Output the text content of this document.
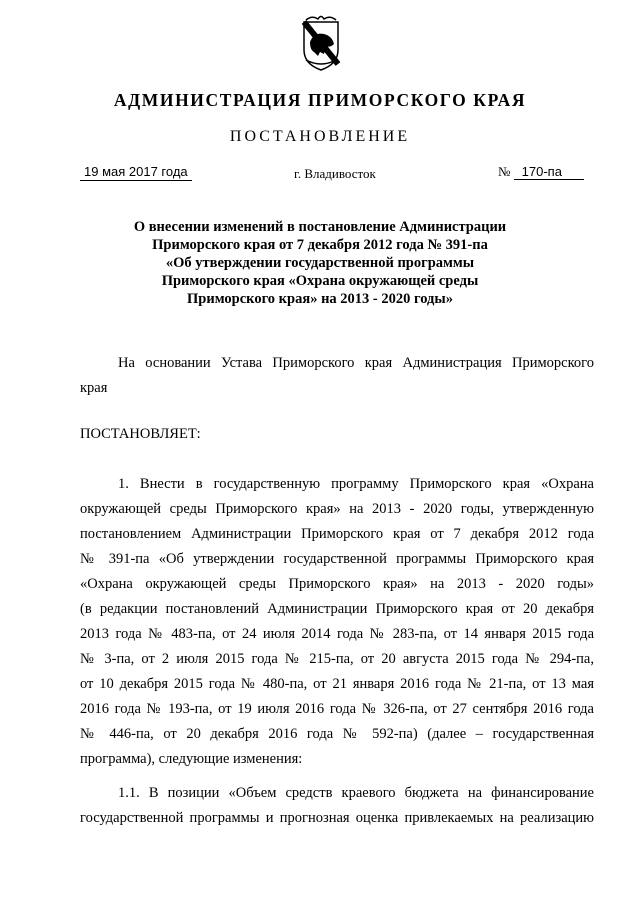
АДМИНИСТРАЦИЯ ПРИМОРСКОГО КРАЯ
ПОСТАНОВЛЕНИЕ
19 мая 2017 года	г. Владивосток	№ 170-па
О внесении изменений в постановление Администрации
Приморского края от 7 декабря 2012 года № 391-па
«Об утверждении государственной программы
Приморского края «Охрана окружающей среды
Приморского края» на 2013 - 2020 годы»
На основании Устава Приморского края Администрация Приморского
края
ПОСТАНОВЛЯЕТ:
1. Внести в государственную программу Приморского края «Охрана
окружающей среды Приморского края» на 2013 - 2020 годы, утвержденную
постановлением Администрации Приморского края от 7 декабря 2012 года
№ 391-па «Об утверждении государственной программы Приморского края
«Охрана окружающей среды Приморского края» на 2013 - 2020 годы»
(в редакции постановлений Администрации Приморского края от 20 декабря
2013 года № 483-па, от 24 июля 2014 года № 283-па, от 14 января 2015 года
№ 3-па, от 2 июля 2015 года № 215-па, от 20 августа 2015 года № 294-па,
от 10 декабря 2015 года № 480-па, от 21 января 2016 года № 21-па, от 13 мая
2016 года № 193-па, от 19 июля 2016 года № 326-па, от 27 сентября 2016 года
№ 446-па, от 20 декабря 2016 года № 592-па) (далее – государственная
программа), следующие изменения:
1.1. В позиции «Объем средств краевого бюджета на финансирование
государственной программы и прогнозная оценка привлекаемых на реализацию
